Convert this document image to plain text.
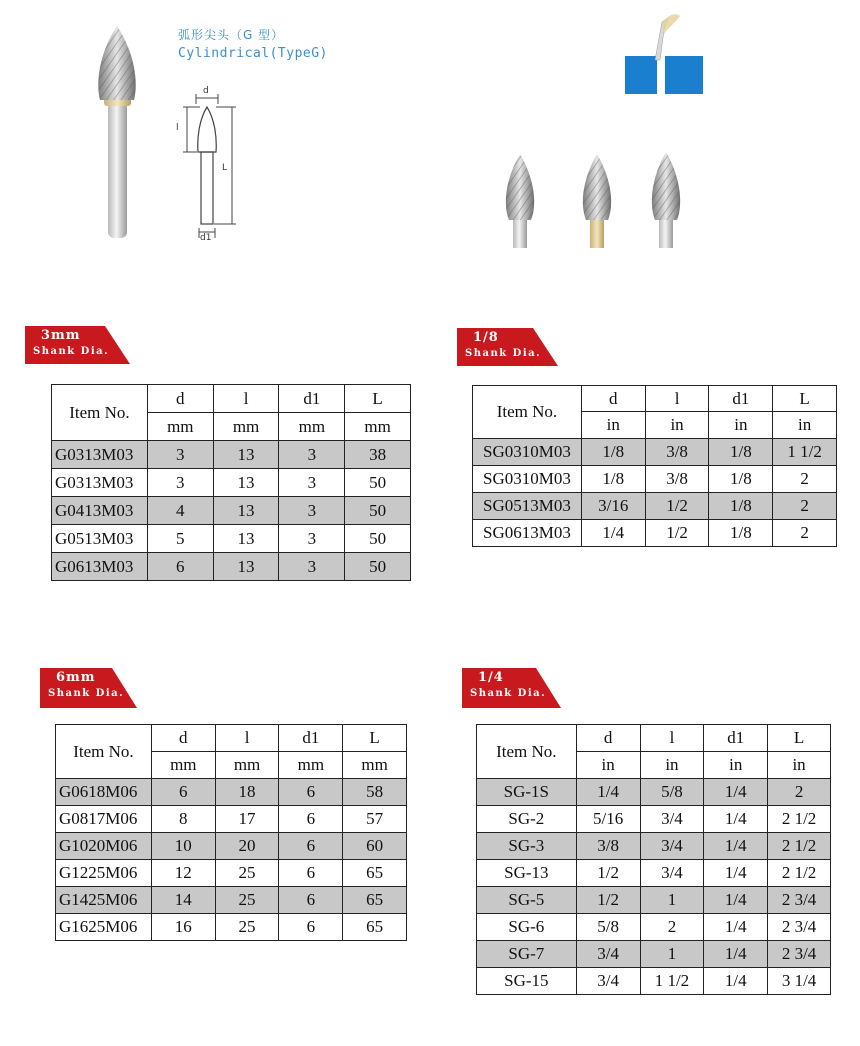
d
l
L
d1
弧形尖头（G 型）
Cylindrical(TypeG)
3mm
Shank Dia.
Item No.	d	l	d1	L
	mm	mm	mm	mm
G0313M03	3	13	3	38
G0313M03	3	13	3	50
G0413M03	4	13	3	50
G0513M03	5	13	3	50
G0613M03	6	13	3	50
1/8
Shank Dia.
Item No.	d	l	d1	L
	in	in	in	in
SG0310M03	1/8	3/8	1/8	1 1/2
SG0310M03	1/8	3/8	1/8	2
SG0513M03	3/16	1/2	1/8	2
SG0613M03	1/4	1/2	1/8	2
6mm
Shank Dia.
Item No.	d	l	d1	L
	mm	mm	mm	mm
G0618M06	6	18	6	58
G0817M06	8	17	6	57
G1020M06	10	20	6	60
G1225M06	12	25	6	65
G1425M06	14	25	6	65
G1625M06	16	25	6	65
1/4
Shank Dia.
Item No.	d	l	d1	L
	in	in	in	in
SG-1S	1/4	5/8	1/4	2
SG-2	5/16	3/4	1/4	2 1/2
SG-3	3/8	3/4	1/4	2 1/2
SG-13	1/2	3/4	1/4	2 1/2
SG-5	1/2	1	1/4	2 3/4
SG-6	5/8	2	1/4	2 3/4
SG-7	3/4	1	1/4	2 3/4
SG-15	3/4	1 1/2	1/4	3 1/4
